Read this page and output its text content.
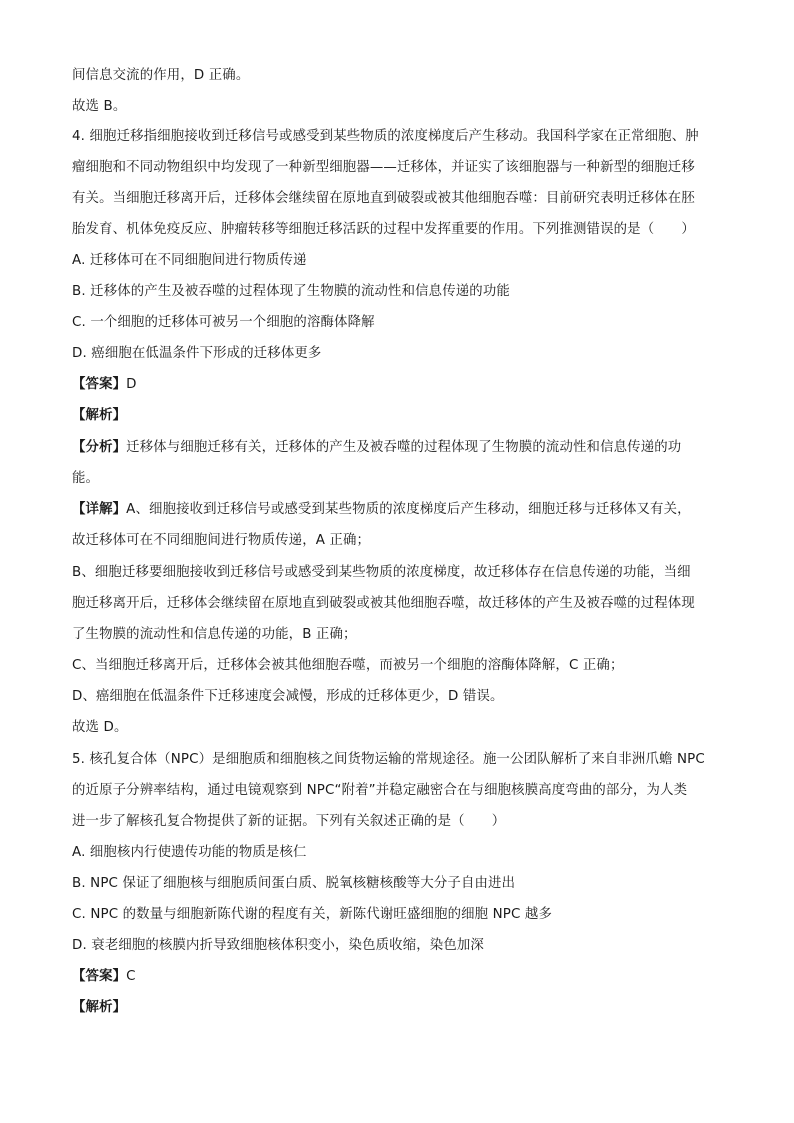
间信息交流的作用，D 正确。
故选 B。
4. 细胞迁移指细胞接收到迁移信号或感受到某些物质的浓度梯度后产生移动。我国科学家在正常细胞、肿
瘤细胞和不同动物组织中均发现了一种新型细胞器——迁移体，并证实了该细胞器与一种新型的细胞迁移
有关。当细胞迁移离开后，迁移体会继续留在原地直到破裂或被其他细胞吞噬：目前研究表明迁移体在胚
胎发育、机体免疫反应、肿瘤转移等细胞迁移活跃的过程中发挥重要的作用。下列推测错误的是（　　）
A. 迁移体可在不同细胞间进行物质传递
B. 迁移体的产生及被吞噬的过程体现了生物膜的流动性和信息传递的功能
C. 一个细胞的迁移体可被另一个细胞的溶酶体降解
D. 癌细胞在低温条件下形成的迁移体更多
【答案】D
【解析】
【分析】迁移体与细胞迁移有关，迁移体的产生及被吞噬的过程体现了生物膜的流动性和信息传递的功
能。
【详解】A、细胞接收到迁移信号或感受到某些物质的浓度梯度后产生移动，细胞迁移与迁移体又有关，
故迁移体可在不同细胞间进行物质传递，A 正确；
B、细胞迁移要细胞接收到迁移信号或感受到某些物质的浓度梯度，故迁移体存在信息传递的功能，当细
胞迁移离开后，迁移体会继续留在原地直到破裂或被其他细胞吞噬，故迁移体的产生及被吞噬的过程体现
了生物膜的流动性和信息传递的功能，B 正确；
C、当细胞迁移离开后，迁移体会被其他细胞吞噬，而被另一个细胞的溶酶体降解，C 正确；
D、癌细胞在低温条件下迁移速度会减慢，形成的迁移体更少，D 错误。
故选 D。
5. 核孔复合体（NPC）是细胞质和细胞核之间货物运输的常规途径。施一公团队解析了来自非洲爪蟾 NPC
的近原子分辨率结构，通过电镜观察到 NPC“附着”并稳定融密合在与细胞核膜高度弯曲的部分，为人类
进一步了解核孔复合物提供了新的证据。下列有关叙述正确的是（　　）
A. 细胞核内行使遗传功能的物质是核仁
B. NPC 保证了细胞核与细胞质间蛋白质、脱氧核糖核酸等大分子自由进出
C. NPC 的数量与细胞新陈代谢的程度有关，新陈代谢旺盛细胞的细胞 NPC 越多
D. 衰老细胞的核膜内折导致细胞核体积变小，染色质收缩，染色加深
【答案】C
【解析】
